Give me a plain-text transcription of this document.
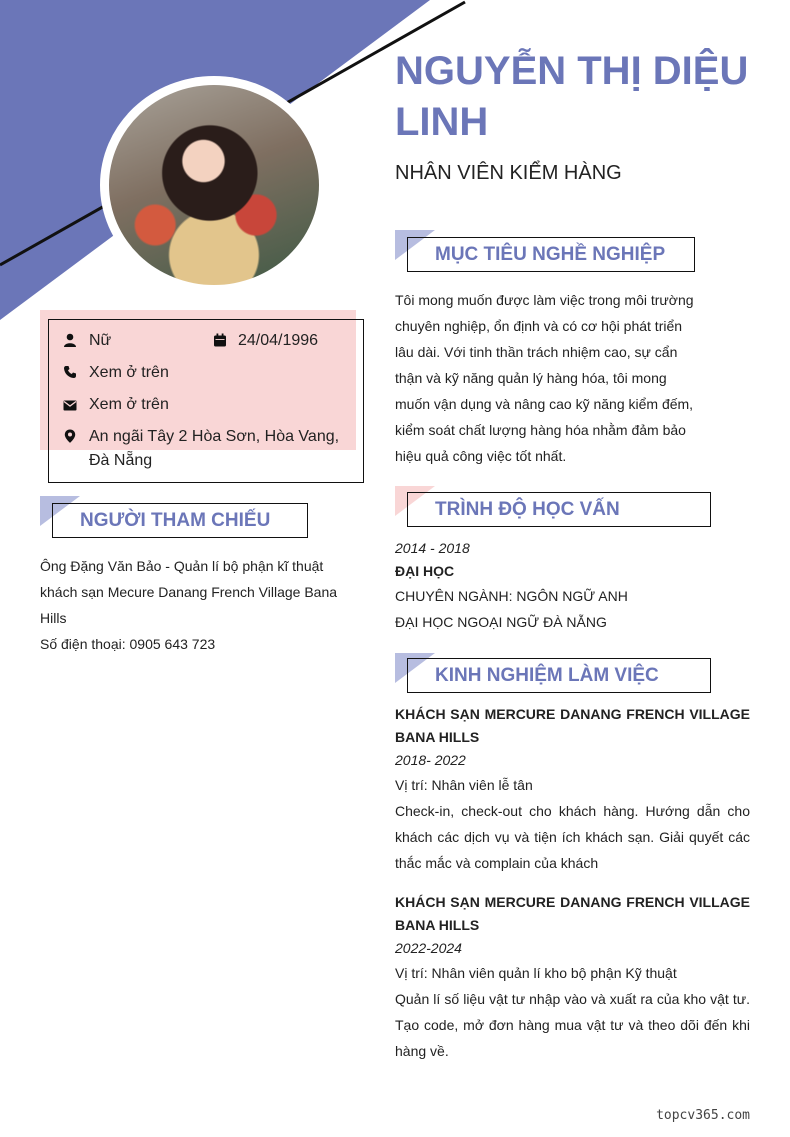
NGUYỄN THỊ DIỆU LINH
NHÂN VIÊN KIỂM HÀNG
Nữ	24/04/1996
Xem ở trên
Xem ở trên
An ngãi Tây 2 Hòa Sơn, Hòa Vang, Đà Nẵng
NGƯỜI THAM CHIẾU
Ông Đặng Văn Bảo - Quản lí bộ phận kĩ thuật khách sạn Mecure Danang French Village Bana Hills
Số điện thoại: 0905 643 723
MỤC TIÊU NGHỀ NGHIỆP
Tôi mong muốn được làm việc trong môi trường chuyên nghiệp, ổn định và có cơ hội phát triển lâu dài. Với tinh thần trách nhiệm cao, sự cẩn thận và kỹ năng quản lý hàng hóa, tôi mong muốn vận dụng và nâng cao kỹ năng kiểm đếm, kiểm soát chất lượng hàng hóa nhằm đảm bảo hiệu quả công việc tốt nhất.
TRÌNH ĐỘ HỌC VẤN
2014 - 2018
ĐẠI HỌC
CHUYÊN NGÀNH: NGÔN NGỮ ANH
ĐẠI HỌC NGOẠI NGỮ ĐÀ NẴNG
KINH NGHIỆM LÀM VIỆC
KHÁCH SẠN MERCURE DANANG FRENCH VILLAGE BANA HILLS
2018- 2022
Vị trí: Nhân viên lễ tân
Check-in, check-out cho khách hàng. Hướng dẫn cho khách các dịch vụ và tiện ích khách sạn. Giải quyết các thắc mắc và complain của khách
KHÁCH SẠN MERCURE DANANG FRENCH VILLAGE BANA HILLS
2022-2024
Vị trí: Nhân viên quản lí kho bộ phận Kỹ thuật
Quản lí số liệu vật tư nhập vào và xuất ra của kho vật tư. Tạo code, mở đơn hàng mua vật tư và theo dõi đến khi hàng về.
topcv365.com
